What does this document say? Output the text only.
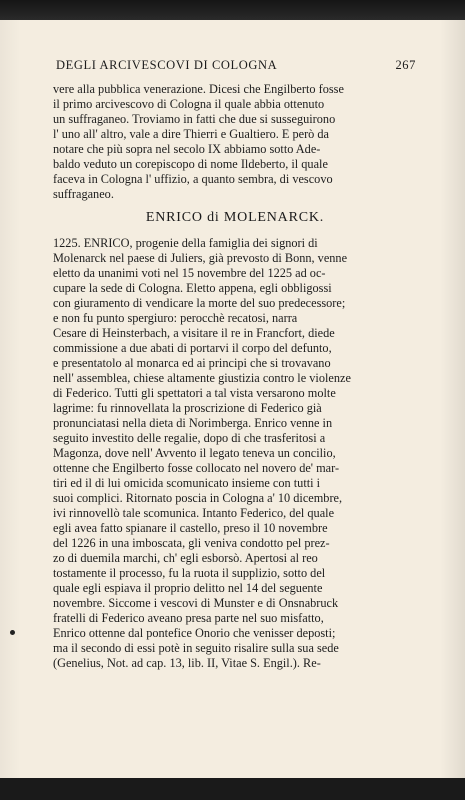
DEGLI ARCIVESCOVI DI COLOGNA	267
vere alla pubblica venerazione. Dicesi che Engilberto fosse
il primo arcivescovo di Cologna il quale abbia ottenuto
un suffraganeo. Troviamo in fatti che due si susseguirono
l' uno all' altro, vale a dire Thierri e Gualtiero. E però da
notare che più sopra nel secolo IX abbiamo sotto Ade-
baldo veduto un corepiscopo di nome Ildeberto, il quale
faceva in Cologna l' uffizio, a quanto sembra, di vescovo
suffraganeo.
ENRICO di MOLENARCK.
1225. ENRICO, progenie della famiglia dei signori di
Molenarck nel paese di Juliers, già prevosto di Bonn, venne
eletto da unanimi voti nel 15 novembre del 1225 ad oc-
cupare la sede di Cologna. Eletto appena, egli obbligossi
con giuramento di vendicare la morte del suo predecessore;
e non fu punto spergiuro: perocchè recatosi, narra
Cesare di Heinsterbach, a visitare il re in Francfort, diede
commissione a due abati di portarvi il corpo del defunto,
e presentatolo al monarca ed ai principi che si trovavano
nell' assemblea, chiese altamente giustizia contro le violenze
di Federico. Tutti gli spettatori a tal vista versarono molte
lagrime: fu rinnovellata la proscrizione di Federico già
pronunciatasi nella dieta di Norimberga. Enrico venne in
seguito investito delle regalie, dopo di che trasferitosi a
Magonza, dove nell' Avvento il legato teneva un concilio,
ottenne che Engilberto fosse collocato nel novero de' mar-
tiri ed il di lui omicida scomunicato insieme con tutti i
suoi complici. Ritornato poscia in Cologna a' 10 dicembre,
ivi rinnovellò tale scomunica. Intanto Federico, del quale
egli avea fatto spianare il castello, preso il 10 novembre
del 1226 in una imboscata, gli veniva condotto pel prez-
zo di duemila marchi, ch' egli esborsò. Apertosi al reo
tostamente il processo, fu la ruota il supplizio, sotto del
quale egli espiava il proprio delitto nel 14 del seguente
novembre. Siccome i vescovi di Munster e di Onsnabruck
fratelli di Federico aveano presa parte nel suo misfatto,
Enrico ottenne dal pontefice Onorio che venisser deposti;
ma il secondo di essi potè in seguito risalire sulla sua sede
(Genelius, Not. ad cap. 13, lib. II, Vitae S. Engil.). Re-
